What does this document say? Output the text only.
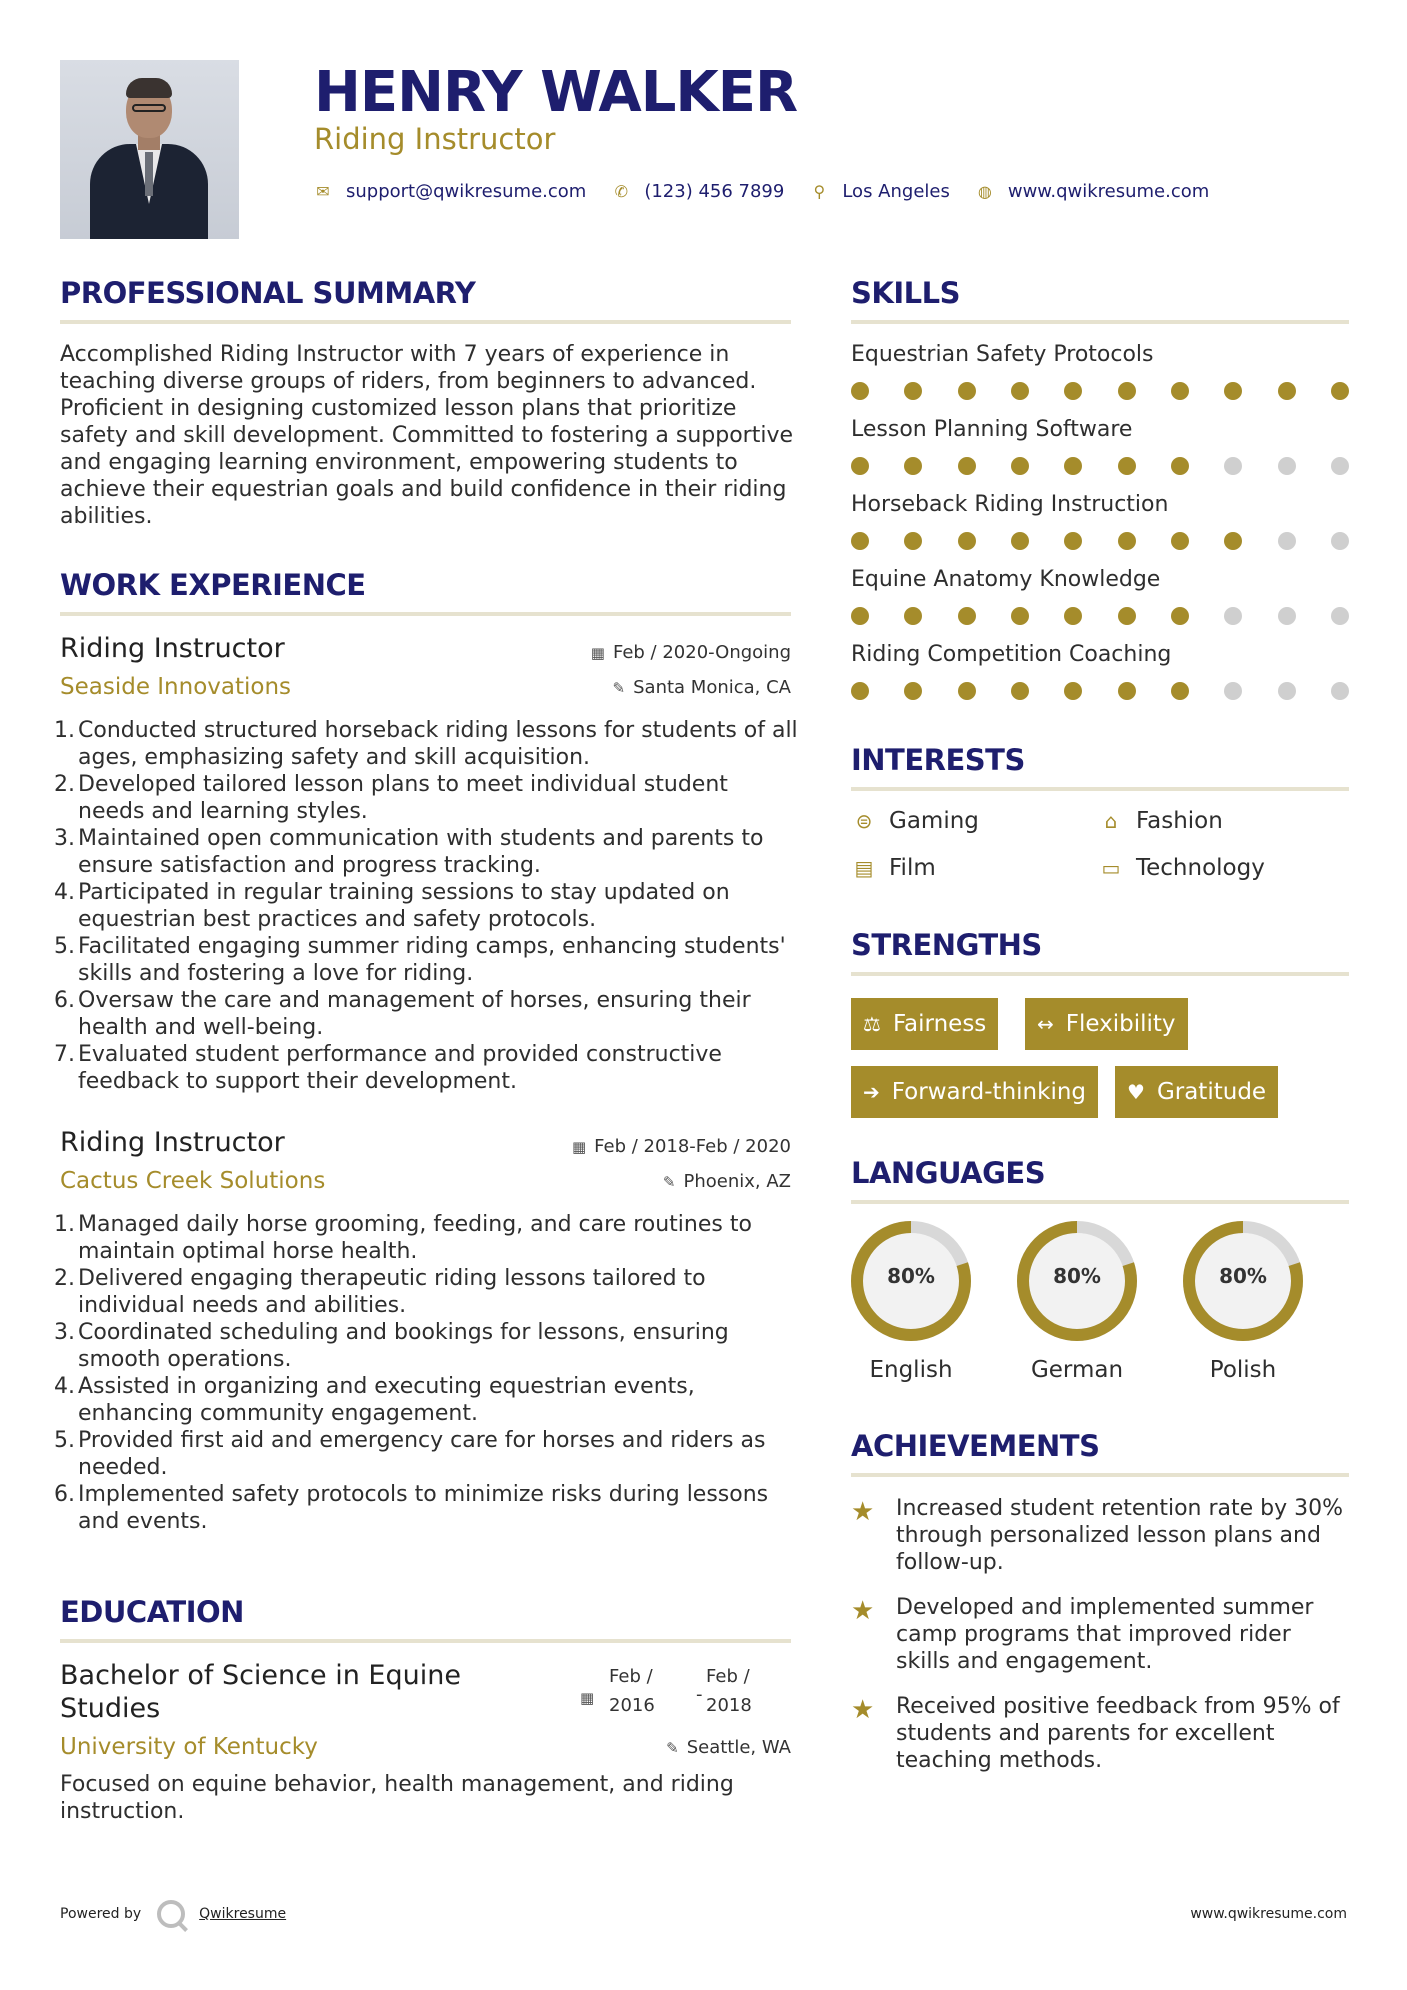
HENRY WALKER
Riding Instructor
✉ support@qwikresume.com ✆ (123) 456 7899 ⚲ Los Angeles ◍ www.qwikresume.com
PROFESSIONAL SUMMARY
Accomplished Riding Instructor with 7 years of experience in teaching diverse groups of riders, from beginners to advanced. Proficient in designing customized lesson plans that prioritize safety and skill development. Committed to fostering a supportive and engaging learning environment, empowering students to achieve their equestrian goals and build confidence in their riding abilities.
WORK EXPERIENCE
Riding Instructor	▦ Feb / 2020-Ongoing
Seaside Innovations	✎ Santa Monica, CA
1. Conducted structured horseback riding lessons for students of all ages, emphasizing safety and skill acquisition.
2. Developed tailored lesson plans to meet individual student needs and learning styles.
3. Maintained open communication with students and parents to ensure satisfaction and progress tracking.
4. Participated in regular training sessions to stay updated on equestrian best practices and safety protocols.
5. Facilitated engaging summer riding camps, enhancing students' skills and fostering a love for riding.
6. Oversaw the care and management of horses, ensuring their health and well-being.
7. Evaluated student performance and provided constructive feedback to support their development.
Riding Instructor	▦ Feb / 2018-Feb / 2020
Cactus Creek Solutions	✎ Phoenix, AZ
1. Managed daily horse grooming, feeding, and care routines to maintain optimal horse health.
2. Delivered engaging therapeutic riding lessons tailored to individual needs and abilities.
3. Coordinated scheduling and bookings for lessons, ensuring smooth operations.
4. Assisted in organizing and executing equestrian events, enhancing community engagement.
5. Provided first aid and emergency care for horses and riders as needed.
6. Implemented safety protocols to minimize risks during lessons and events.
EDUCATION
Bachelor of Science in Equine
Studies	▦
Feb /
2016
-
Feb /
2018
University of Kentucky	✎ Seattle, WA
Focused on equine behavior, health management, and riding instruction.
SKILLS
Equestrian Safety Protocols
Lesson Planning Software
Horseback Riding Instruction
Equine Anatomy Knowledge
Riding Competition Coaching
INTERESTS
⊜ Gaming	⌂ Fashion
▤ Film	▭ Technology
STRENGTHS
⚖ Fairness	↔ Flexibility
➔ Forward-thinking ♥ Gratitude
LANGUAGES
80%
English
80%
German
80%
Polish
ACHIEVEMENTS
★ Increased student retention rate by 30% through personalized lesson plans and follow-up.
★ Developed and implemented summer camp programs that improved rider skills and engagement.
★ Received positive feedback from 95% of students and parents for excellent teaching methods.
Powered by	Qwikresume	www.qwikresume.com
